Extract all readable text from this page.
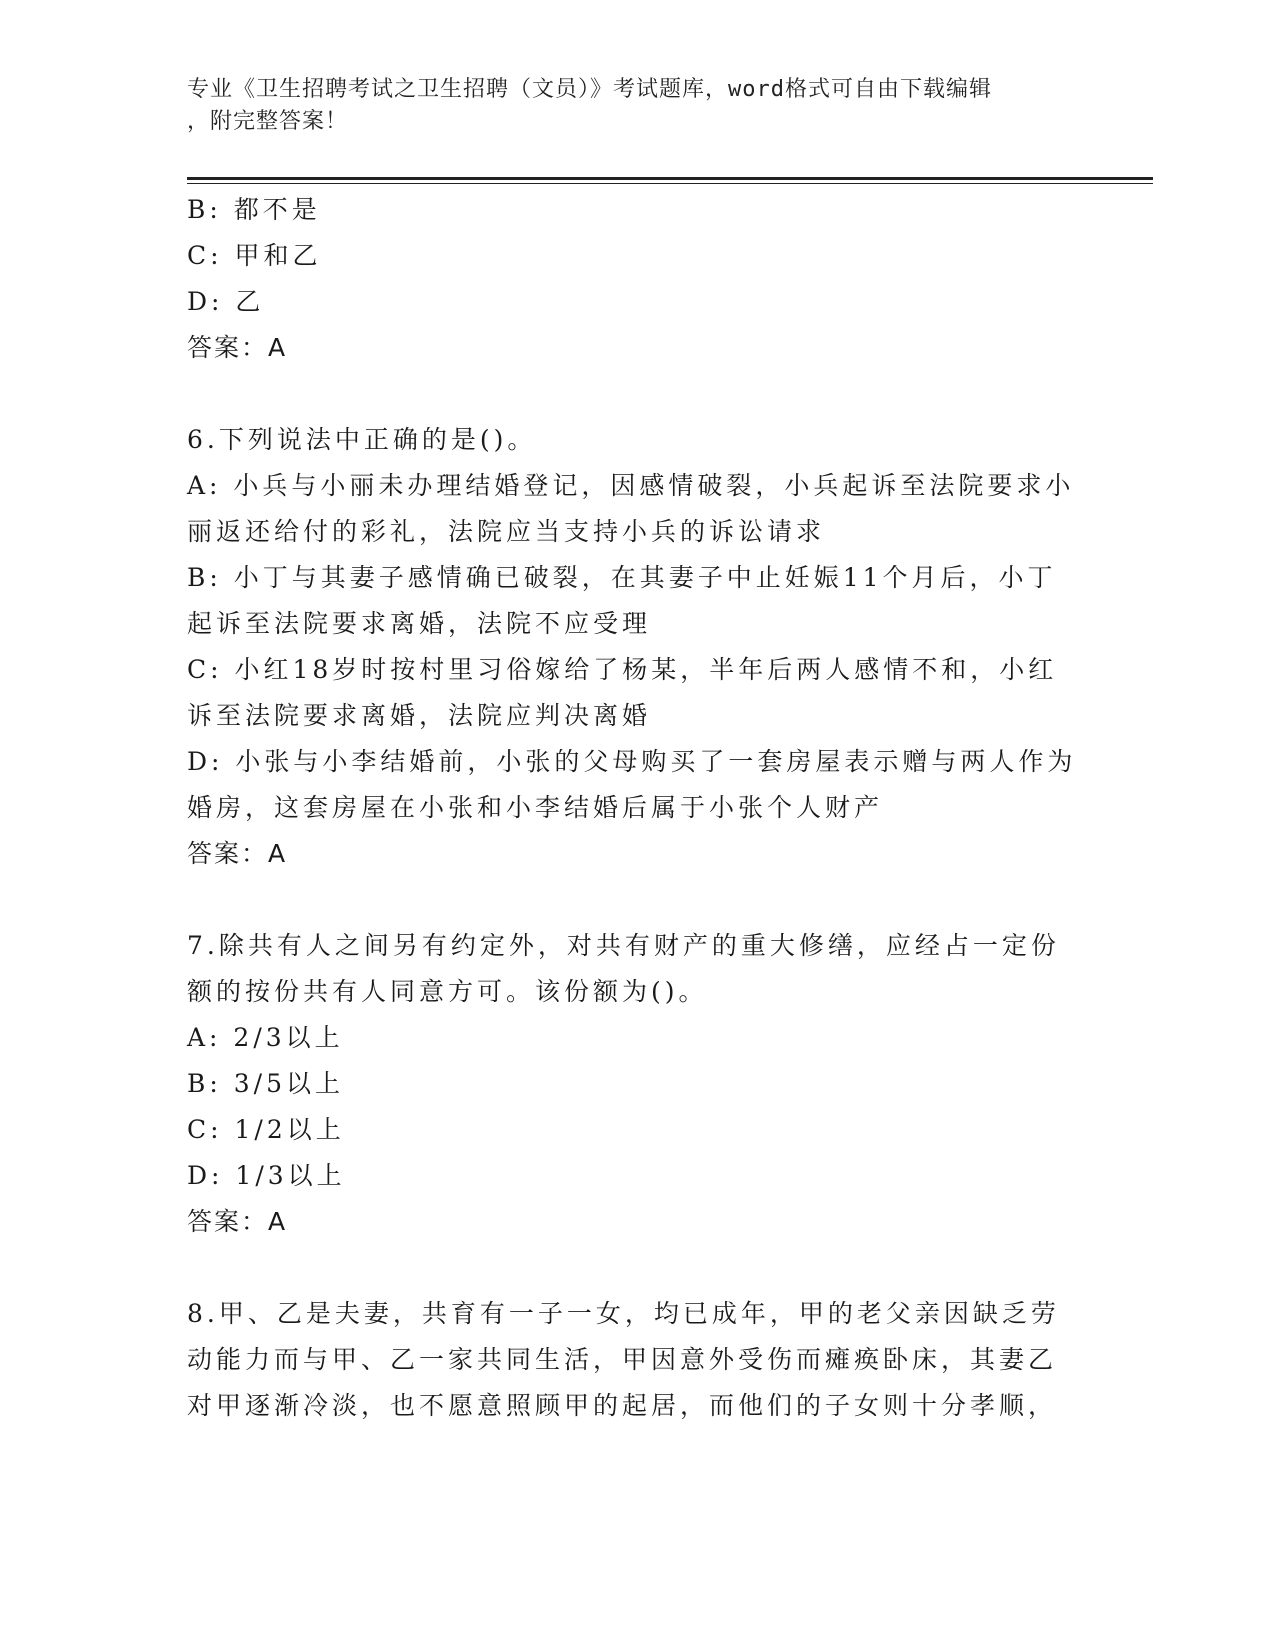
专业《卫生招聘考试之卫生招聘（文员）》考试题库，word格式可自由下载编辑
，附完整答案！
B: 都不是
C: 甲和乙
D: 乙
答案：A
6.下列说法中正确的是()。
A: 小兵与小丽未办理结婚登记，因感情破裂，小兵起诉至法院要求小
丽返还给付的彩礼，法院应当支持小兵的诉讼请求
B: 小丁与其妻子感情确已破裂，在其妻子中止妊娠11个月后，小丁
起诉至法院要求离婚，法院不应受理
C: 小红18岁时按村里习俗嫁给了杨某，半年后两人感情不和，小红
诉至法院要求离婚，法院应判决离婚
D: 小张与小李结婚前，小张的父母购买了一套房屋表示赠与两人作为
婚房，这套房屋在小张和小李结婚后属于小张个人财产
答案：A
7.除共有人之间另有约定外，对共有财产的重大修缮，应经占一定份
额的按份共有人同意方可。该份额为()。
A: 2/3以上
B: 3/5以上
C: 1/2以上
D: 1/3以上
答案：A
8.甲、乙是夫妻，共育有一子一女，均已成年，甲的老父亲因缺乏劳
动能力而与甲、乙一家共同生活，甲因意外受伤而瘫痪卧床，其妻乙
对甲逐渐冷淡，也不愿意照顾甲的起居，而他们的子女则十分孝顺，
